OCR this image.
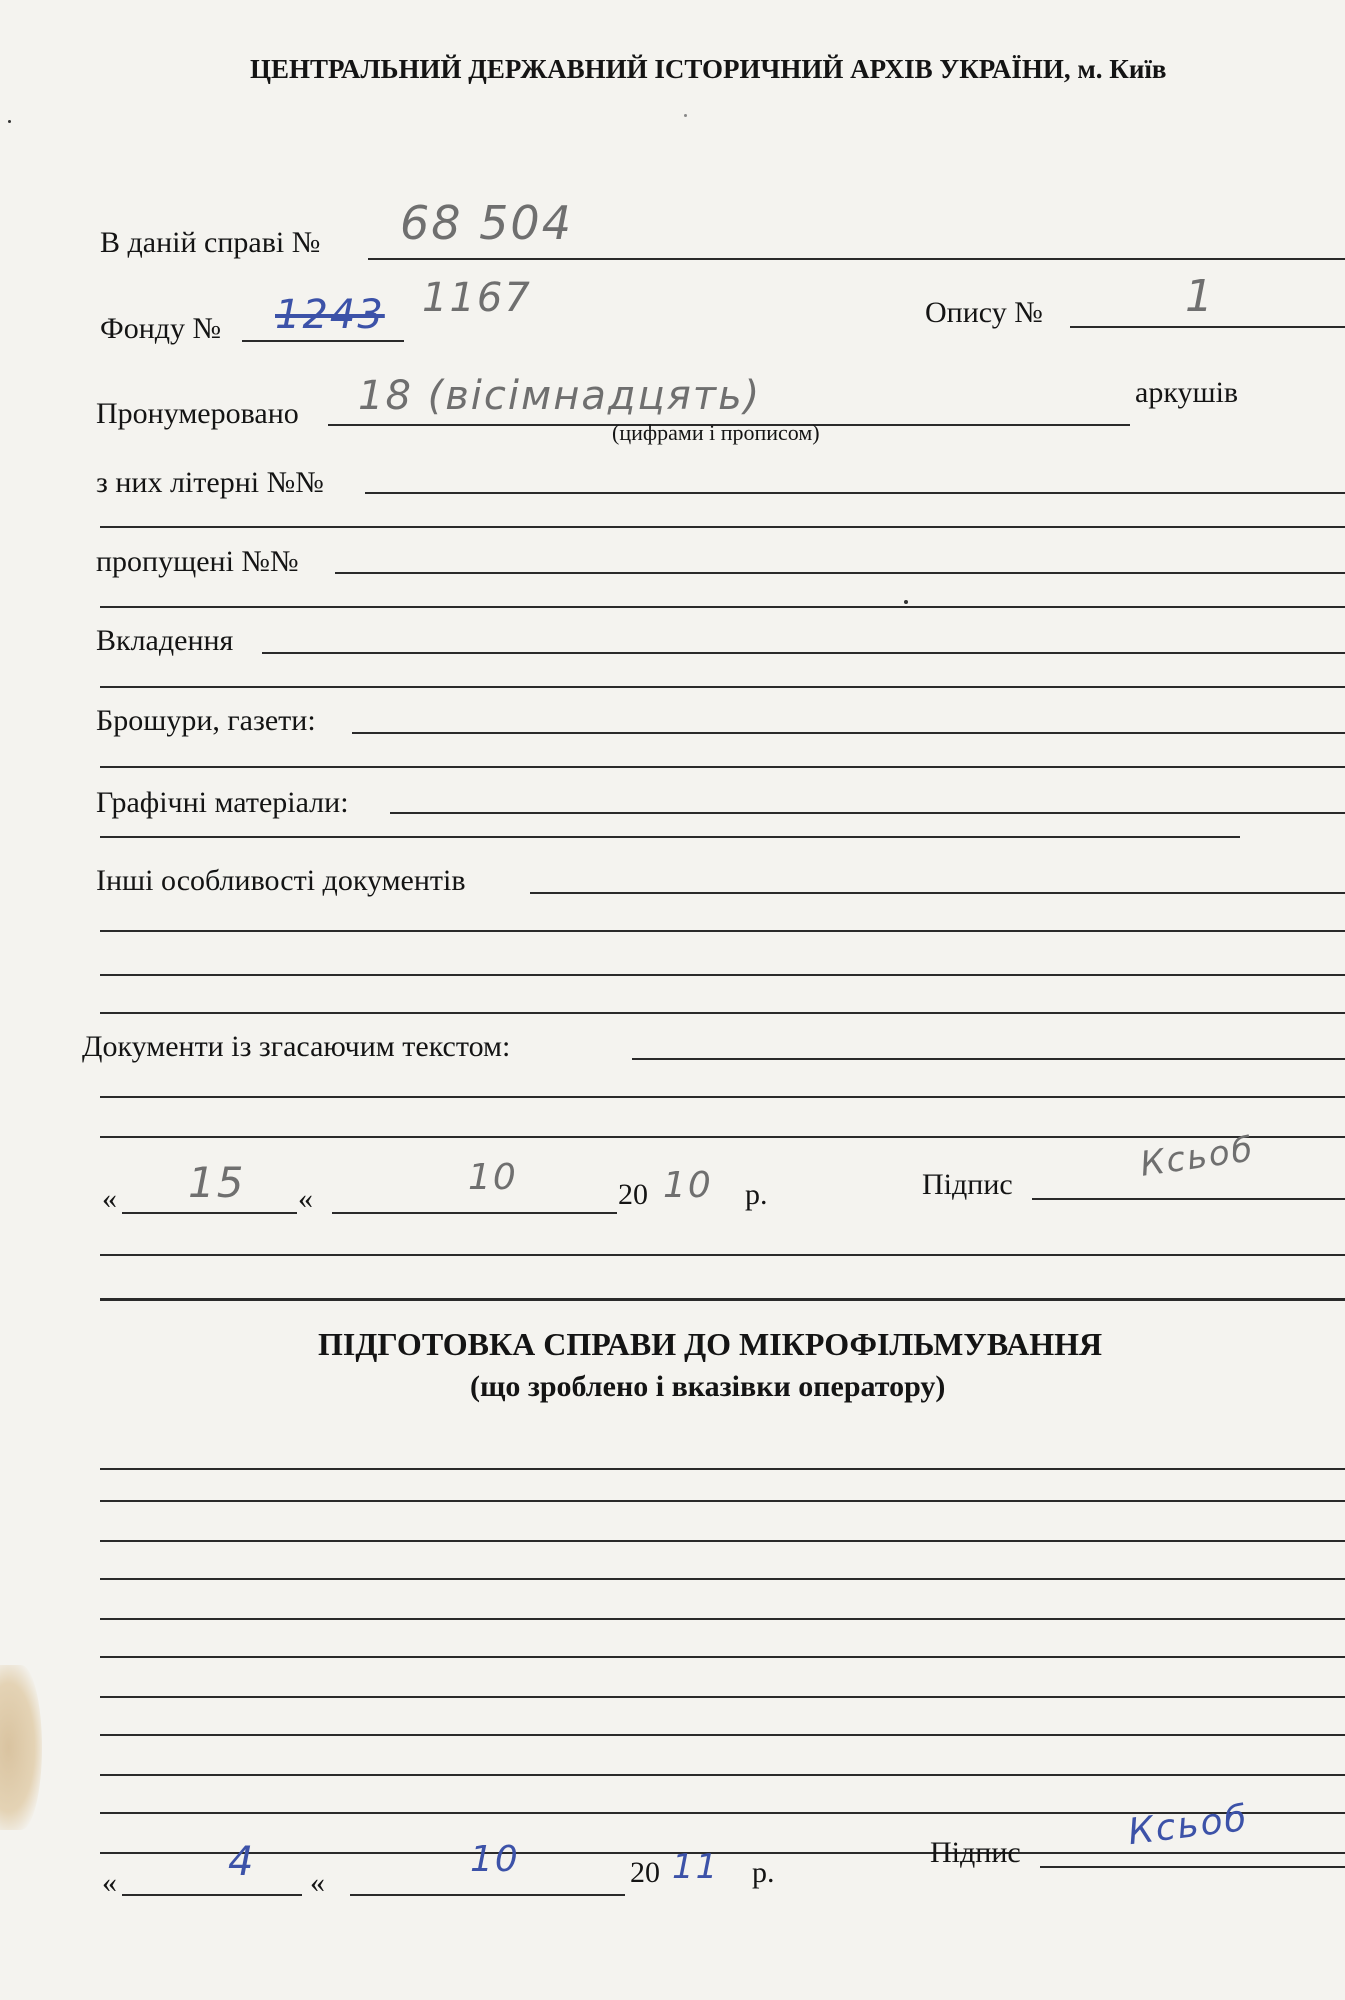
ЦЕНТРАЛЬНИЙ ДЕРЖАВНИЙ ІСТОРИЧНИЙ АРХІВ УКРАЇНИ, м. Київ
В даній справі № 68 504
Фонду № 1243 1167	Опису №	1
Пронумеровано 18 (вісімнадцять)	аркушів
(цифрами і прописом)
з них літерні №№
пропущені №№
Вкладення
Брошури, газети:
Графічні матеріали:
Інші особливості документів
Документи із згасаючим текстом:
« 15 «
10	20 10 р.	Підпис	Ксьоб
ПІДГОТОВКА СПРАВИ ДО МІКРОФІЛЬМУВАННЯ
(що зроблено і вказівки оператору)
«	4 «
10	20 11 р.
Підпис	Ксьоб
